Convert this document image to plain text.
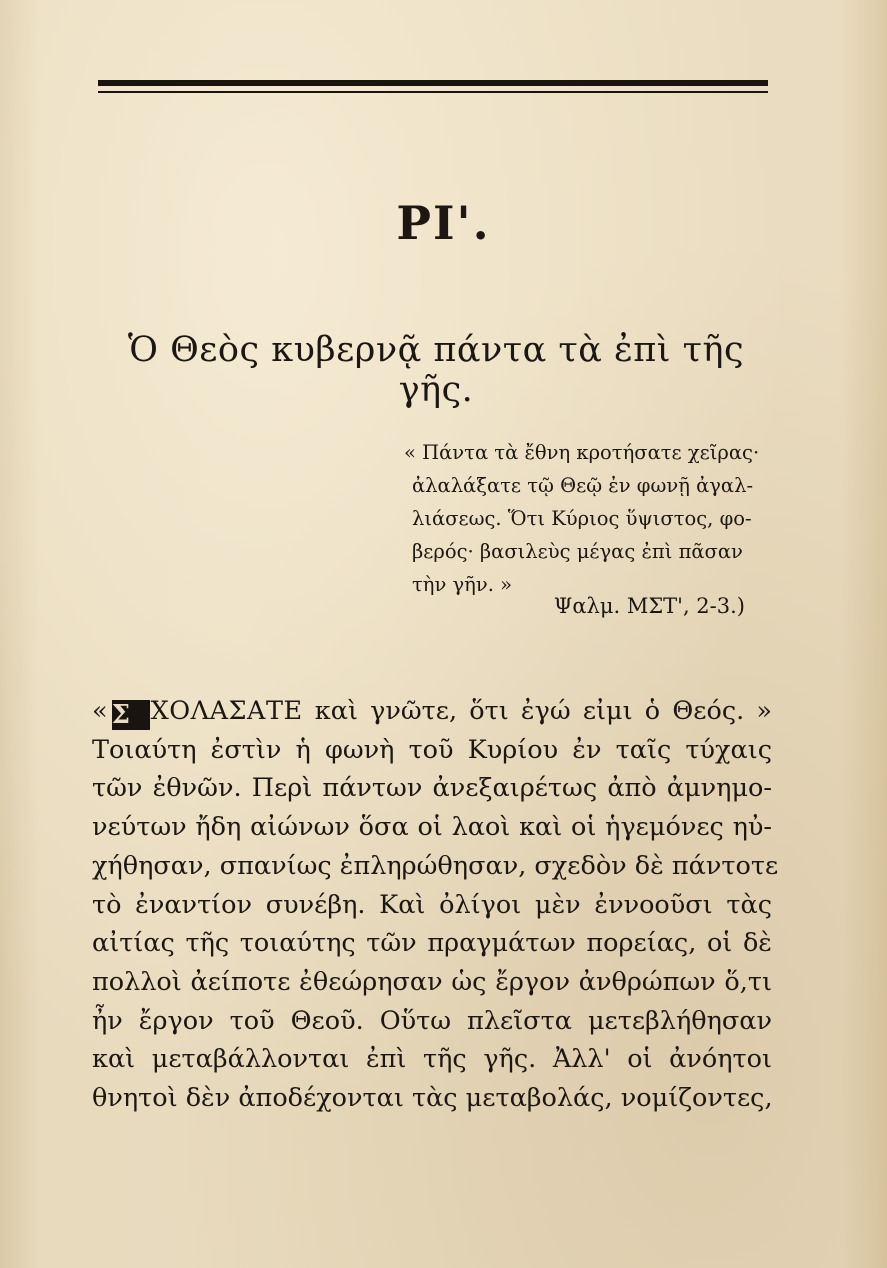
ΡΙ'.
Ὁ Θεὸς κυβερνᾷ πάντα τὰ ἐπὶ τῆς γῆς.
« Πάντα τὰ ἔθνη κροτήσατε χεῖρας·
ἀλαλάξατε τῷ Θεῷ ἐν φωνῇ ἀγαλ-
λιάσεως. Ὅτι Κύριος ὕψιστος, φο-
βερός· βασιλεὺς μέγας ἐπὶ πᾶσαν
τὴν γῆν. »
Ψαλμ. ΜΣΤ', 2-3.)
« Σ ΧΟΛΑΣΑΤΕ καὶ γνῶτε, ὅτι ἐγώ εἰμι ὁ Θεός. »
Τοιαύτη ἐστὶν ἡ φωνὴ τοῦ Κυρίου ἐν ταῖς τύχαις
τῶν ἐθνῶν. Περὶ πάντων ἀνεξαιρέτως ἀπὸ ἀμνημο-
νεύτων ἤδη αἰώνων ὅσα οἱ λαοὶ καὶ οἱ ἡγεμόνες ηὐ-
χήθησαν, σπανίως ἐπληρώθησαν, σχεδὸν δὲ πάντοτε
τὸ ἐναντίον συνέβη. Καὶ ὀλίγοι μὲν ἐννοοῦσι τὰς
αἰτίας τῆς τοιαύτης τῶν πραγμάτων πορείας, οἱ δὲ
πολλοὶ ἀείποτε ἐθεώρησαν ὡς ἔργον ἀνθρώπων ὅ,τι
ἦν ἔργον τοῦ Θεοῦ. Οὕτω πλεῖστα μετεβλήθησαν
καὶ μεταβάλλονται ἐπὶ τῆς γῆς. Ἀλλ' οἱ ἀνόητοι
θνητοὶ δὲν ἀποδέχονται τὰς μεταβολάς, νομίζοντες,
